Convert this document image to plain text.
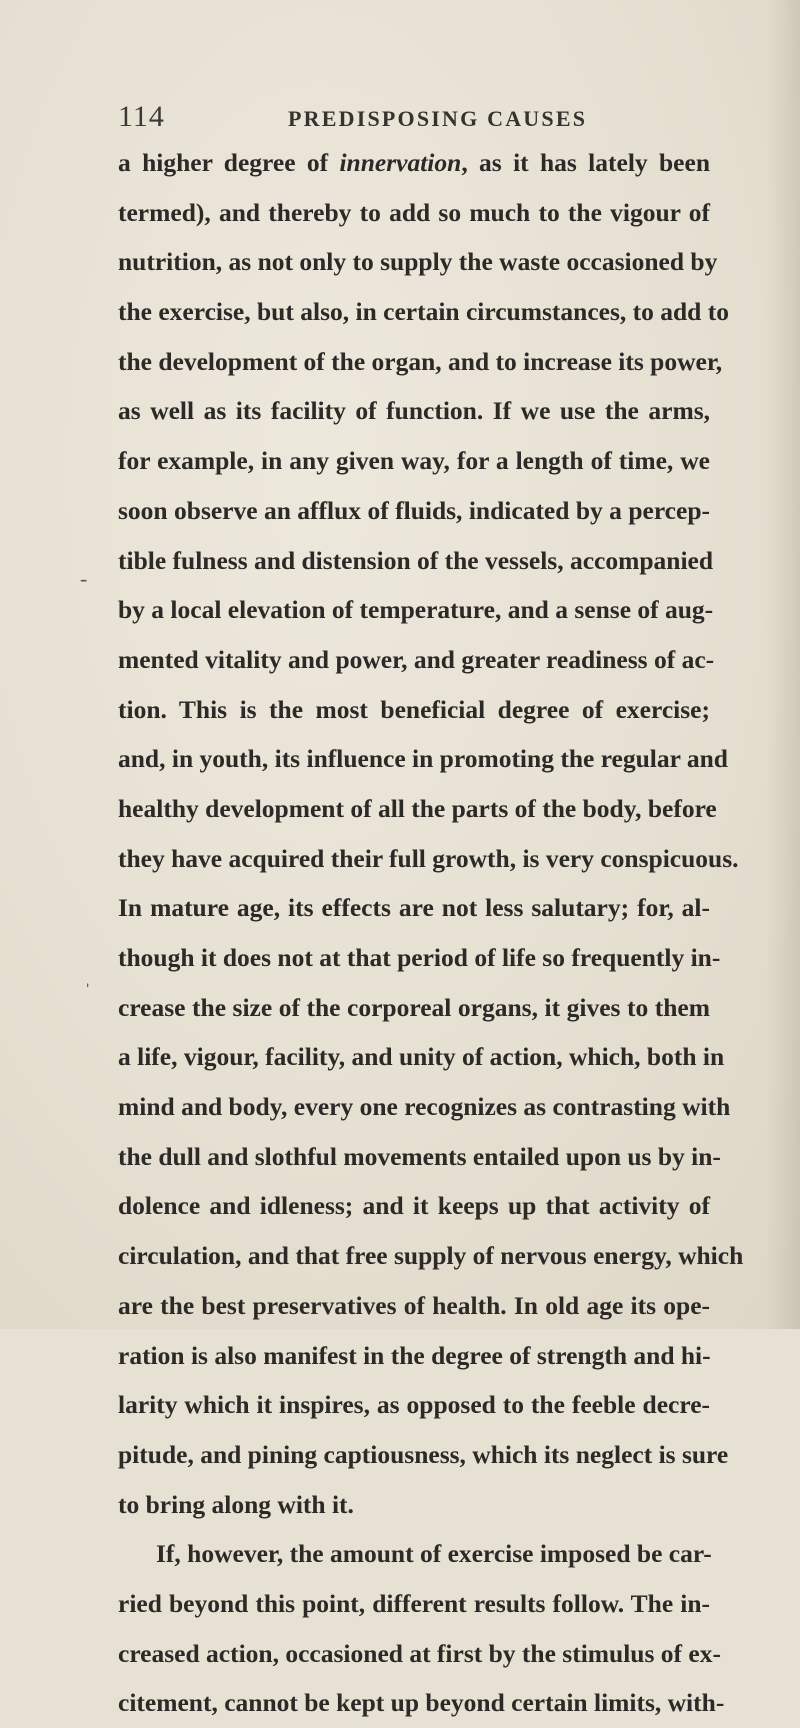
114	PREDISPOSING CAUSES
‐
ˌ
a higher degree of innervation, as it has lately been
termed), and thereby to add so much to the vigour of
nutrition, as not only to supply the waste occasioned by
the exercise, but also, in certain circumstances, to add to
the development of the organ, and to increase its power,
as well as its facility of function. If we use the arms,
for example, in any given way, for a length of time, we
soon observe an afflux of fluids, indicated by a percep-
tible fulness and distension of the vessels, accompanied
by a local elevation of temperature, and a sense of aug-
mented vitality and power, and greater readiness of ac-
tion. This is the most beneficial degree of exercise;
and, in youth, its influence in promoting the regular and
healthy development of all the parts of the body, before
they have acquired their full growth, is very conspicuous.
In mature age, its effects are not less salutary; for, al-
though it does not at that period of life so frequently in-
crease the size of the corporeal organs, it gives to them
a life, vigour, facility, and unity of action, which, both in
mind and body, every one recognizes as contrasting with
the dull and slothful movements entailed upon us by in-
dolence and idleness; and it keeps up that activity of
circulation, and that free supply of nervous energy, which
are the best preservatives of health. In old age its ope-
ration is also manifest in the degree of strength and hi-
larity which it inspires, as opposed to the feeble decre-
pitude, and pining captiousness, which its neglect is sure
to bring along with it.
If, however, the amount of exercise imposed be car-
ried beyond this point, different results follow. The in-
creased action, occasioned at first by the stimulus of ex-
citement, cannot be kept up beyond certain limits, with-
